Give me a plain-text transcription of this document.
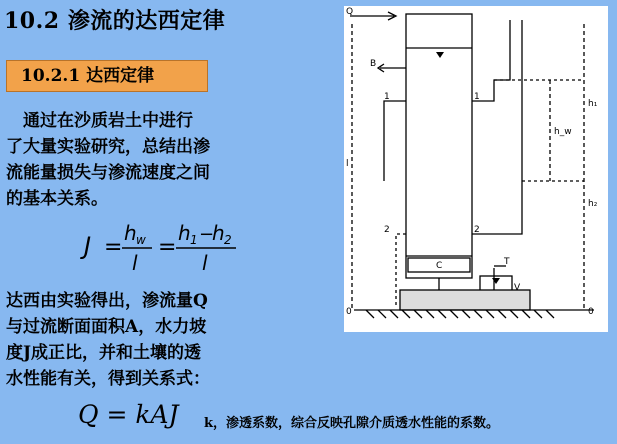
10.2 渗流的达西定律
10.2.1 达西定律

　通过在沙质岩土中进行
了大量实验研究，总结出渗
流能量损失与渗流速度之间
的基本关系。

J =
h w
l
=
h 1 −
h 2
l

达西由实验得出，渗流量Q
与过流断面面积A，水力坡
度J成正比，并和土壤的透
水性能有关，得到关系式：

Q = kAJ k，渗透系数，综合反映孔隙介质透水性能的系数。
Q
B
1	1
2	2
l
h_w
h₁
h₂
C	T
V
0	0
